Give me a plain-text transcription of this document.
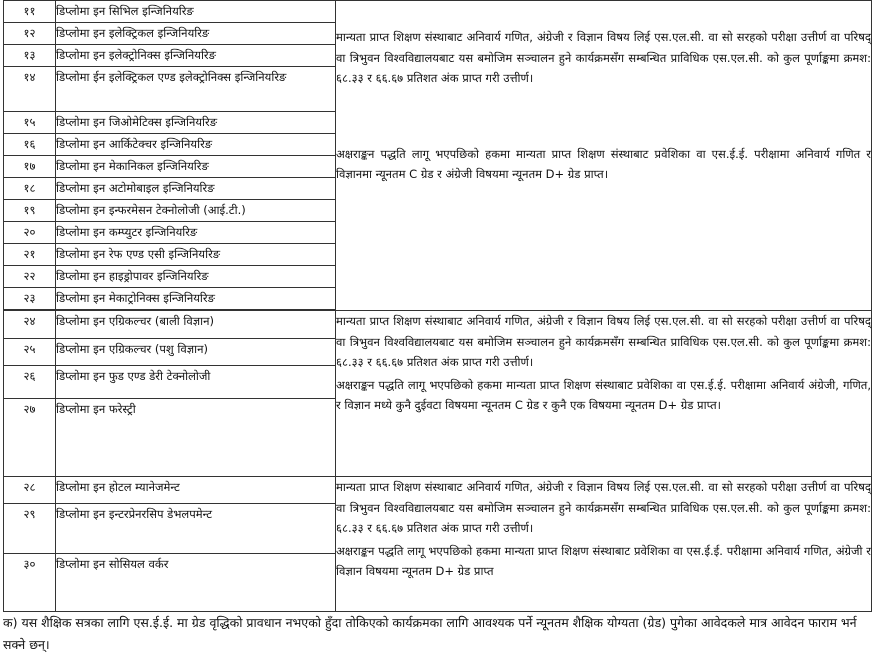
११	डिप्लोमा इन सिभिल इन्जिनियरिङ	मान्यता प्राप्त शिक्षण संस्थाबाट अनिवार्य गणित, अंग्रेजी र विज्ञान विषय लिई एस.एल.सी. वा सो सरहको परीक्षा उत्तीर्ण वा परिषद् वा त्रिभुवन विश्वविद्यालयबाट यस बमोजिम सञ्चालन हुने कार्यक्रमसँग सम्बन्धित प्राविधिक एस.एल.सी. को कुल पूर्णाङ्कमा क्रमश: ६८.३३ र ६६.६७ प्रतिशत अंक प्राप्त गरी उत्तीर्ण।
अक्षराङ्कन पद्धति लागू भएपछिको हकमा मान्यता प्राप्त शिक्षण संस्थाबाट प्रवेशिका वा एस.ई.ई. परीक्षामा अनिवार्य गणित र विज्ञानमा न्यूनतम C ग्रेड र अंग्रेजी विषयमा न्यूनतम D+ ग्रेड प्राप्त।

१२	डिप्लोमा इन इलेक्ट्रिकल इन्जिनियरिङ	
१३	डिप्लोमा इन इलेक्ट्रोनिक्स इन्जिनियरिङ	
१४	डिप्लोमा ईन इलेक्ट्रिकल एण्ड इलेक्ट्रोनिक्स इन्जिनियरिङ	
१५	डिप्लोमा इन जिओमेटिक्स इन्जिनियरिङ	
१६	डिप्लोमा इन आर्किटेक्चर इन्जिनियरिङ	
१७	डिप्लोमा इन मेकानिकल इन्जिनियरिङ	
१८	डिप्लोमा इन अटोमोबाइल इन्जिनियरिङ	
१९	डिप्लोमा इन इन्फरमेसन टेक्नोलोजी (आई.टी.)	
२०	डिप्लोमा इन कम्प्युटर इन्जिनियरिङ	
२१	डिप्लोमा इन रेफ एण्ड एसी इन्जिनियरिङ	
२२	डिप्लोमा इन हाइड्रोपावर इन्जिनियरिङ	
२३	डिप्लोमा इन मेकाट्रोनिक्स इन्जिनियरिङ	

२४	डिप्लोमा इन एग्रिकल्चर (बाली विज्ञान)	मान्यता प्राप्त शिक्षण संस्थाबाट अनिवार्य गणित, अंग्रेजी र विज्ञान विषय लिई एस.एल.सी. वा सो सरहको परीक्षा उत्तीर्ण वा परिषद् वा त्रिभुवन विश्वविद्यालयबाट यस बमोजिम सञ्चालन हुने कार्यक्रमसँग सम्बन्धित प्राविधिक एस.एल.सी. को कुल पूर्णाङ्कमा क्रमश: ६८.३३ र ६६.६७ प्रतिशत अंक प्राप्त गरी उत्तीर्ण।
अक्षराङ्कन पद्धति लागू भएपछिको हकमा मान्यता प्राप्त शिक्षण संस्थाबाट प्रवेशिका वा एस.ई.ई. परीक्षामा अनिवार्य अंग्रेजी, गणित, र विज्ञान मध्ये कुनै दुईवटा विषयमा न्यूनतम C ग्रेड र कुनै एक विषयमा न्यूनतम D+ ग्रेड प्राप्त।

२५	डिप्लोमा इन एग्रिकल्चर (पशु विज्ञान)	
२६	डिप्लोमा इन फुड एण्ड डेरी टेक्नोलोजी	
२७	डिप्लोमा इन फरेस्ट्री	
२८	डिप्लोमा इन होटल म्यानेजमेन्ट	मान्यता प्राप्त शिक्षण संस्थाबाट अनिवार्य गणित, अंग्रेजी र विज्ञान विषय लिई एस.एल.सी. वा सो सरहको परीक्षा उत्तीर्ण वा परिषद् वा त्रिभुवन विश्वविद्यालयबाट यस बमोजिम सञ्चालन हुने कार्यक्रमसँग सम्बन्धित प्राविधिक एस.एल.सी. को कुल पूर्णाङ्कमा क्रमश: ६८.३३ र ६६.६७ प्रतिशत अंक प्राप्त गरी उत्तीर्ण।
अक्षराङ्कन पद्धति लागू भएपछिको हकमा मान्यता प्राप्त शिक्षण संस्थाबाट प्रवेशिका वा एस.ई.ई. परीक्षामा अनिवार्य गणित, अंग्रेजी र विज्ञान विषयमा न्यूनतम D+ ग्रेड प्राप्त

२९	डिप्लोमा इन इन्टरप्रेनरसिप डेभलपमेन्ट	
३०	डिप्लोमा इन सोसियल वर्कर	
क) यस शैक्षिक सत्रका लागि एस.ई.ई. मा ग्रेड वृद्धिको प्रावधान नभएको हुँदा तोकिएको कार्यक्रमका लागि आवश्यक पर्ने न्यूनतम शैक्षिक योग्यता (ग्रेड) पुगेका आवेदकले मात्र आवेदन फाराम भर्न सक्ने छन्।
